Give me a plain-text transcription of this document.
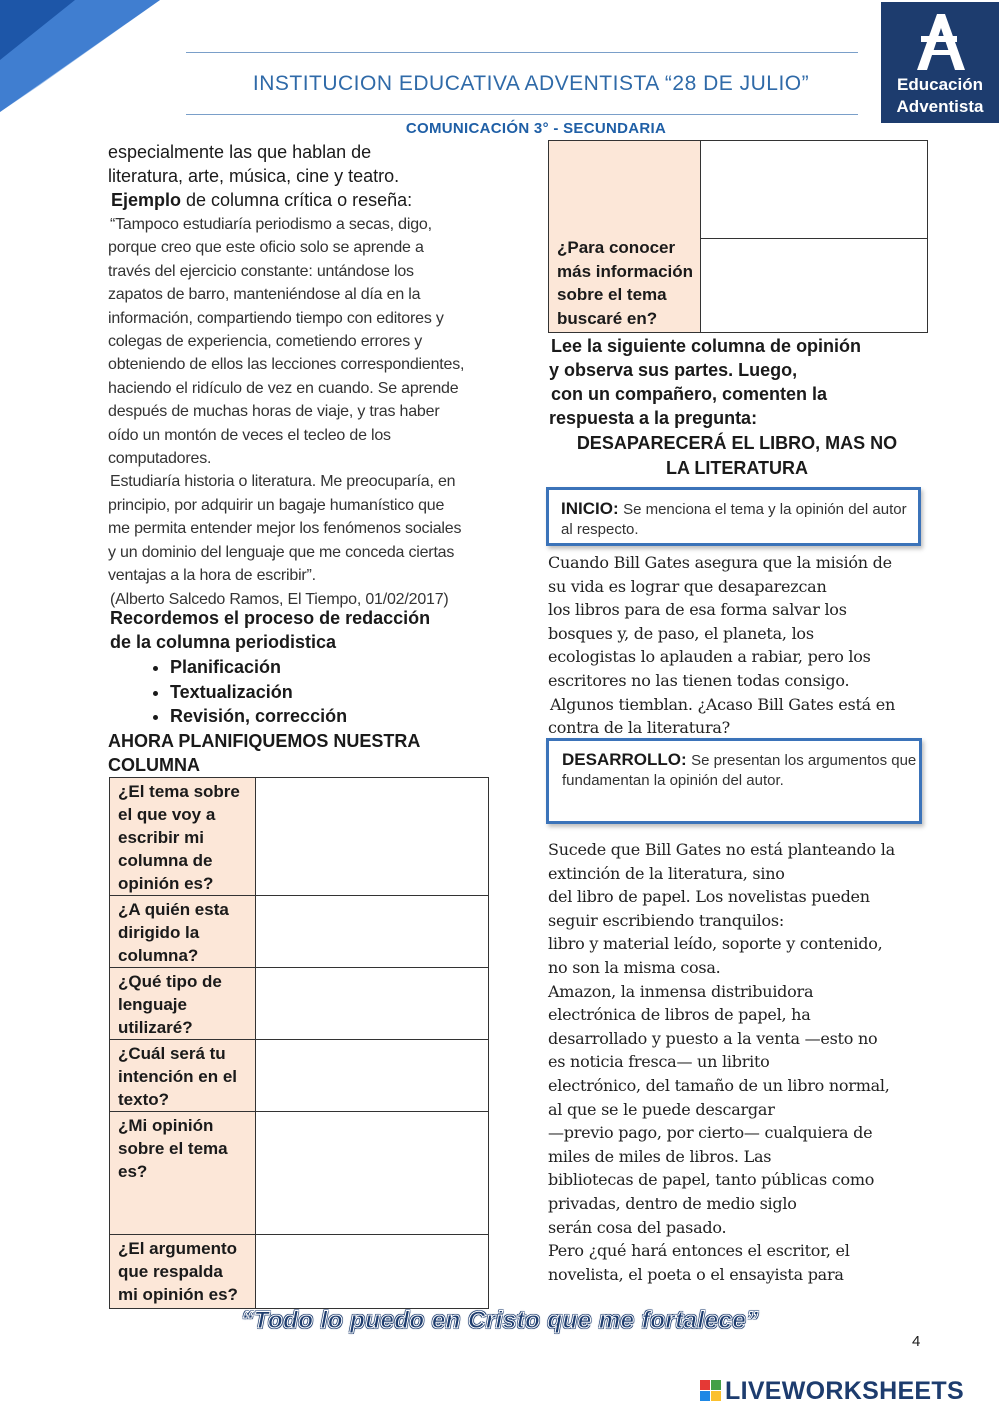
INSTITUCION EDUCATIVA ADVENTISTA “28 DE JULIO”
COMUNICACIÓN 3° - SECUNDARIA
Educación
Adventista
especialmente las que hablan de
literatura, arte, música, cine y teatro.
Ejemplo de columna crítica o reseña:
“Tampoco estudiaría periodismo a secas, digo,
porque creo que este oficio solo se aprende a
través del ejercicio constante: untándose los
zapatos de barro, manteniéndose al día en la
información, compartiendo tiempo con editores y
colegas de experiencia, cometiendo errores y
obteniendo de ellos las lecciones correspondientes,
haciendo el ridículo de vez en cuando. Se aprende
después de muchas horas de viaje, y tras haber
oído un montón de veces el tecleo de los
computadores.
Estudiaría historia o literatura. Me preocuparía, en
principio, por adquirir un bagaje humanístico que
me permita entender mejor los fenómenos sociales
y un dominio del lenguaje que me conceda ciertas
ventajas a la hora de escribir”.
(Alberto Salcedo Ramos, El Tiempo, 01/02/2017)
Recordemos el proceso de redacción
de la columna periodistica
• Planificación
• Textualización
• Revisión, corrección
AHORA PLANIFIQUEMOS NUESTRA
COLUMNA
¿El tema sobre el que voy a escribir mi columna de opinión es?	
¿A quién esta dirigido la columna?	
¿Qué tipo de lenguaje utilizaré?	
¿Cuál será tu intención en el texto?	
¿Mi opinión sobre el tema es?	
¿El argumento que respalda mi opinión es?	
¿Para conocer más información sobre el tema buscaré en?	

Lee la siguiente columna de opinión
y observa sus partes. Luego,
con un compañero, comenten la
respuesta a la pregunta:
DESAPARECERÁ EL LIBRO, MAS NO
LA LITERATURA
INICIO: Se menciona el tema y la opinión del autor al respecto.
Cuando Bill Gates asegura que la misión de
su vida es lograr que desaparezcan
los libros para de esa forma salvar los
bosques y, de paso, el planeta, los
ecologistas lo aplauden a rabiar, pero los
escritores no las tienen todas consigo.
Algunos tiemblan. ¿Acaso Bill Gates está en
contra de la literatura?
DESARROLLO: Se presentan los argumentos que fundamentan la opinión del autor.
Sucede que Bill Gates no está planteando la
extinción de la literatura, sino
del libro de papel. Los novelistas pueden
seguir escribiendo tranquilos:
libro y material leído, soporte y contenido,
no son la misma cosa.
Amazon, la inmensa distribuidora
electrónica de libros de papel, ha
desarrollado y puesto a la venta —esto no
es noticia fresca— un librito
electrónico, del tamaño de un libro normal,
al que se le puede descargar
—previo pago, por cierto— cualquiera de
miles de miles de libros. Las
bibliotecas de papel, tanto públicas como
privadas, dentro de medio siglo
serán cosa del pasado.
Pero ¿qué hará entonces el escritor, el
novelista, el poeta o el ensayista para
“Todo lo puedo en Cristo que me fortalece”
4
LIVEWORKSHEETS
